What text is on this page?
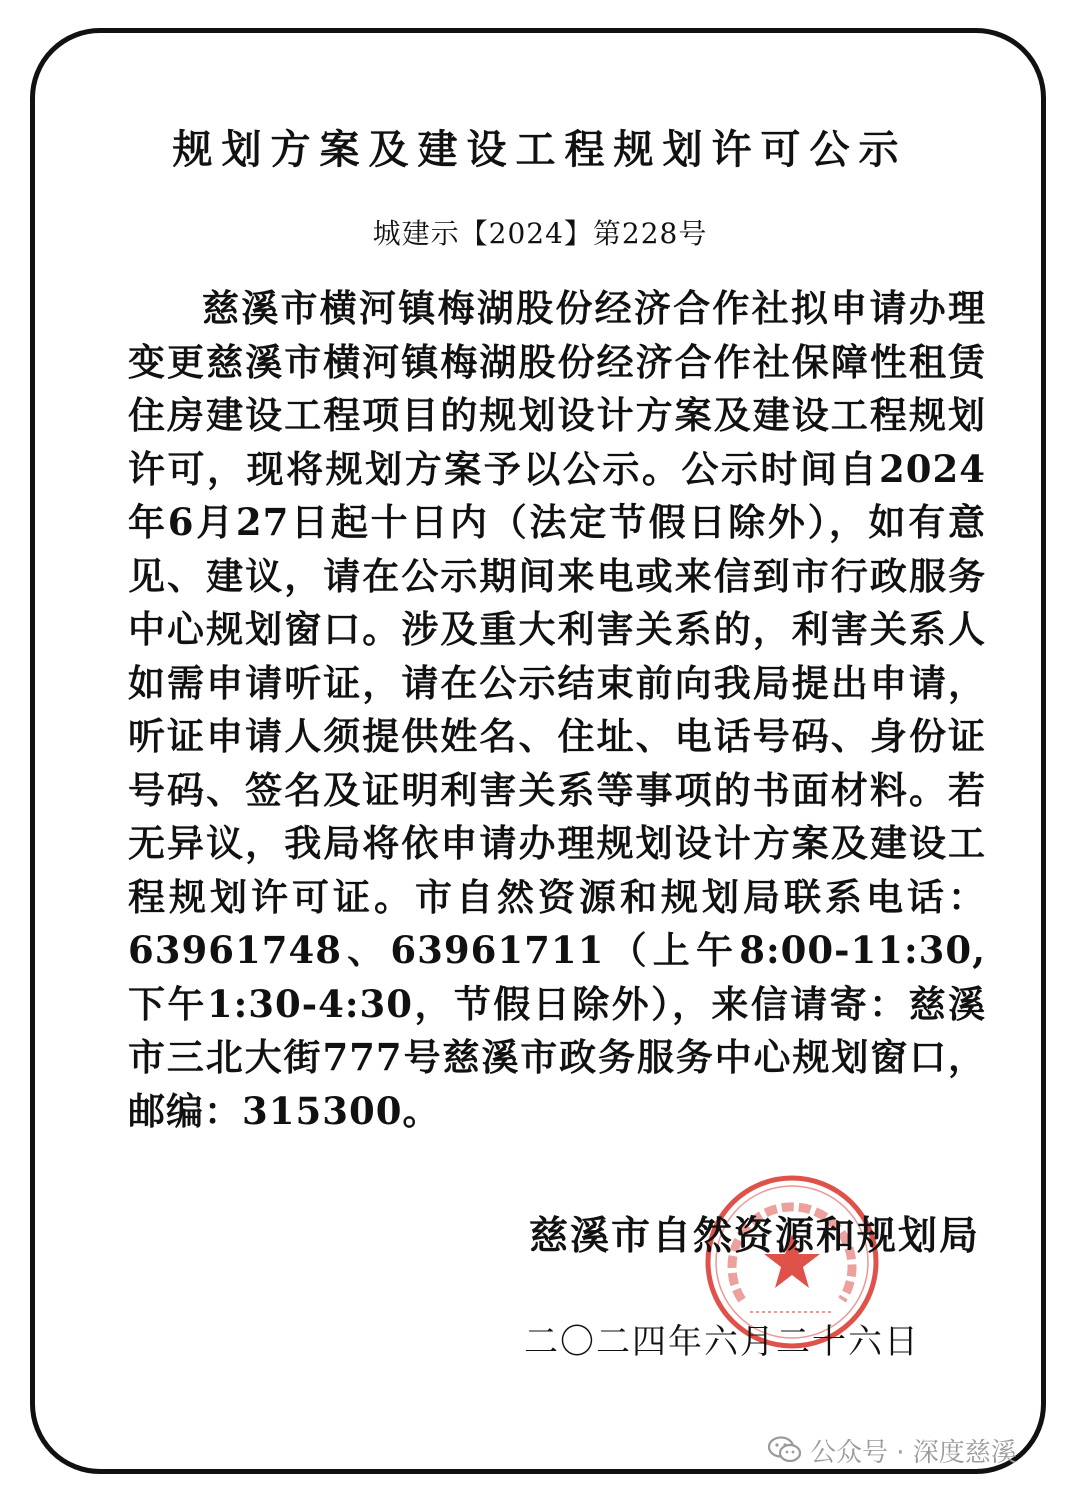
规划方案及建设工程规划许可公示
城建示【2024】第228号

慈溪市横河镇梅湖股份经济合作社拟申请办理变更慈溪市横河镇梅湖股份经济合作社保障性租赁住房建设工程项目的规划设计方案及建设工程规划许可，现将规划方案予以公示。公示时间自2024年6月27日起十日内（法定节假日除外），如有意见、建议，请在公示期间来电或来信到市行政服务中心规划窗口。涉及重大利害关系的，利害关系人如需申请听证，请在公示结束前向我局提出申请，听证申请人须提供姓名、住址、电话号码、身份证号码、签名及证明利害关系等事项的书面材料。若无异议，我局将依申请办理规划设计方案及建设工程规划许可证。市自然资源和规划局联系电话：63961748、63961711（上午8:00-11:30,下午1:30-4:30，节假日除外），来信请寄：慈溪市三北大街777号慈溪市政务服务中心规划窗口，邮编：315300。

慈溪市自然资源和规划局
二〇二四年六月二十六日
公众号 · 深度慈溪
